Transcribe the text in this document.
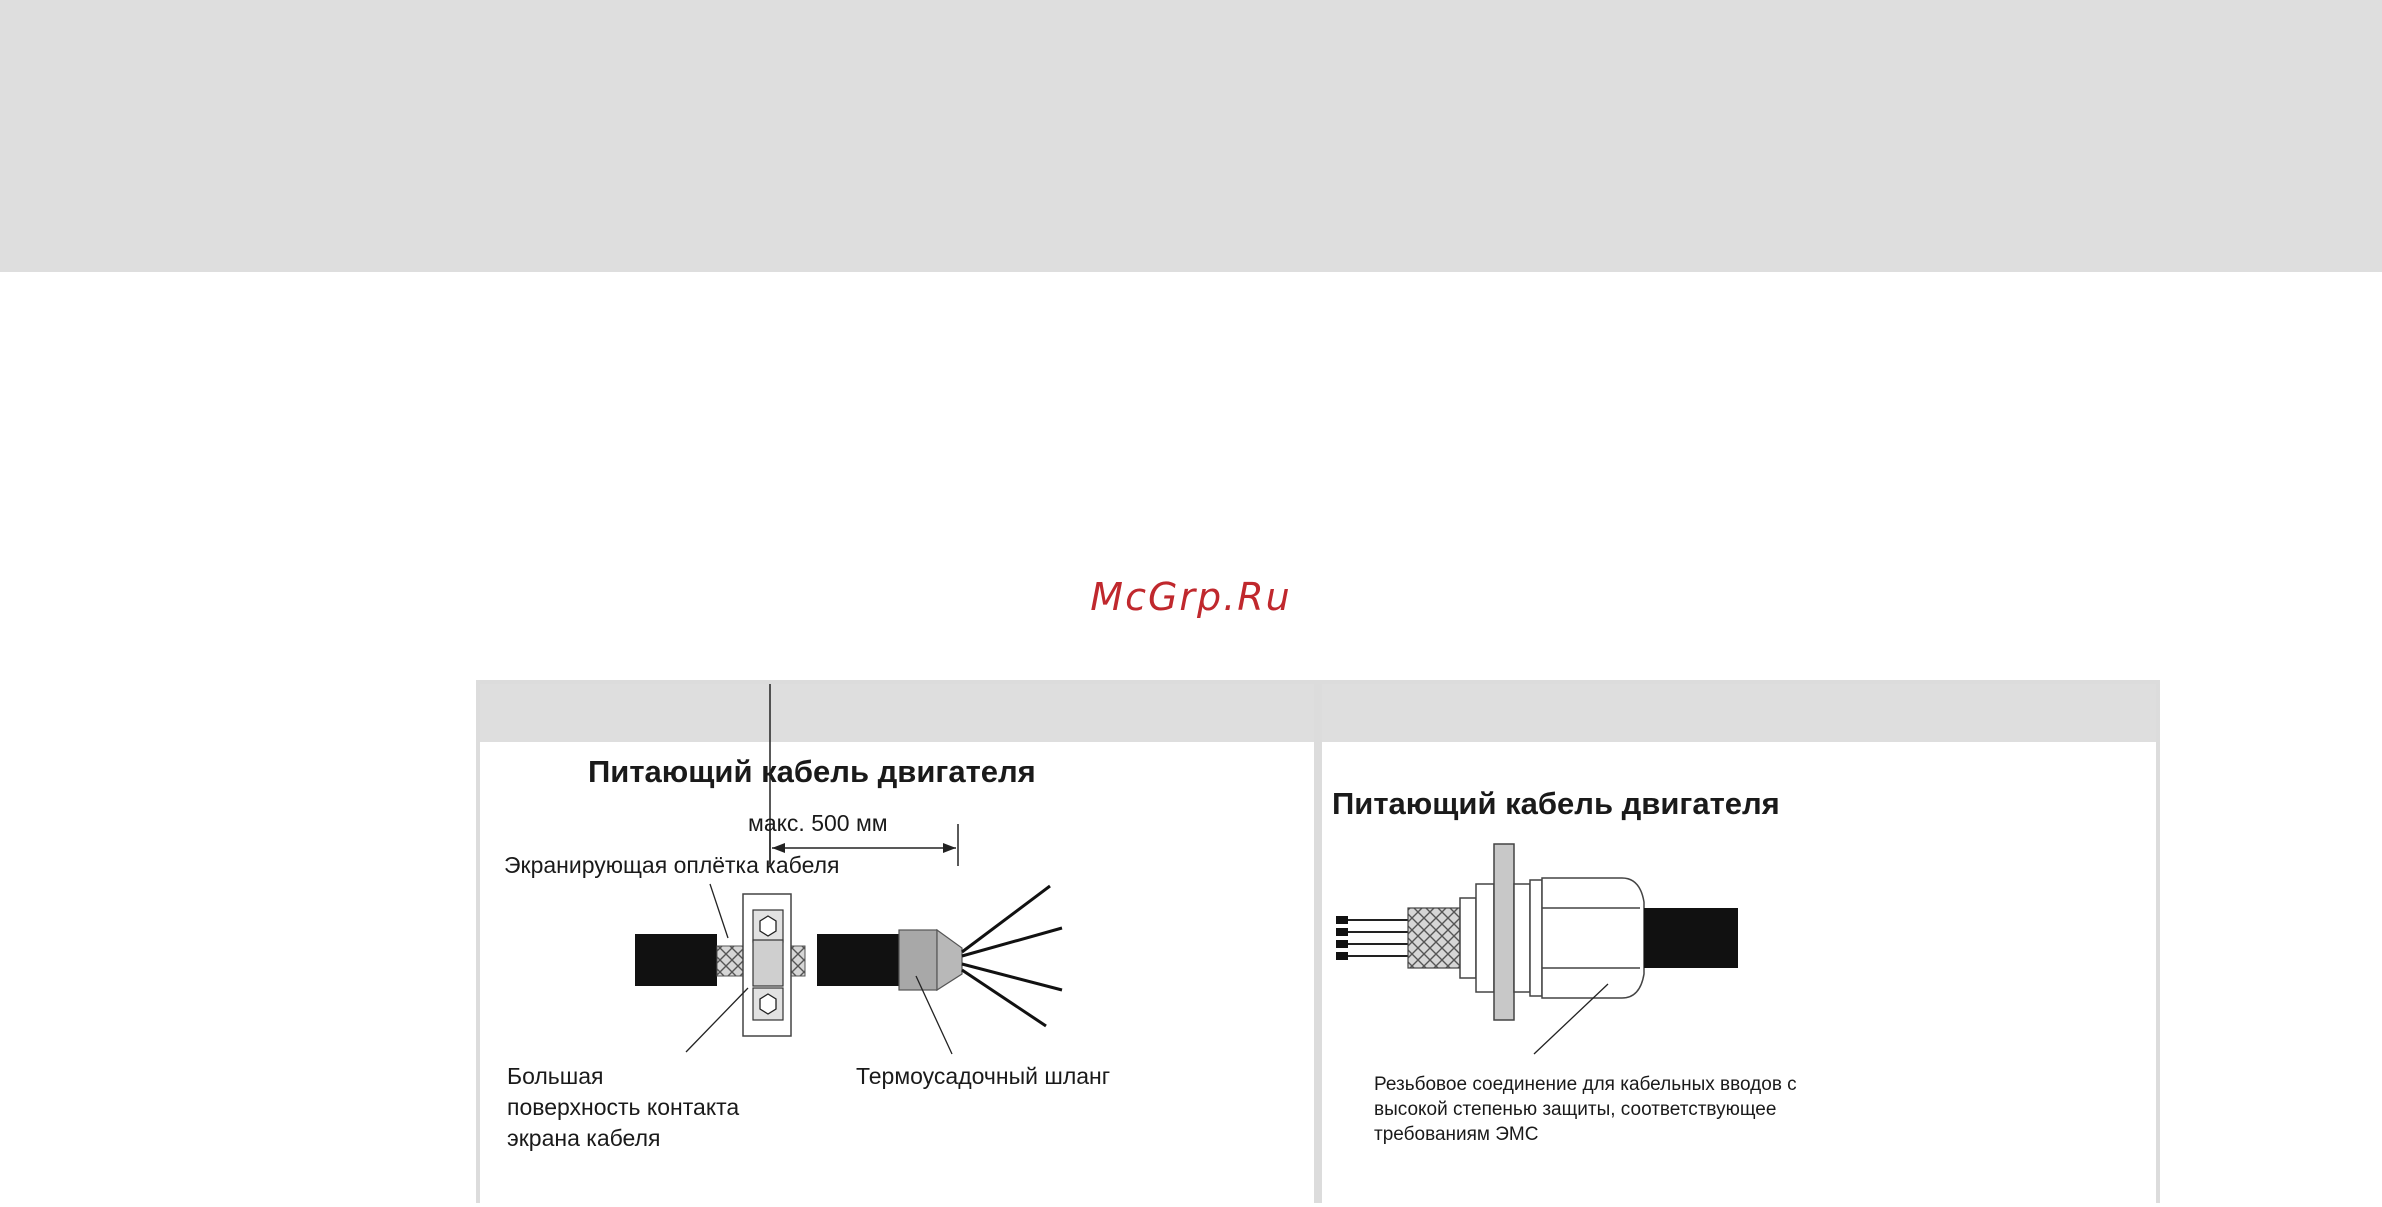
McGrp.Ru
Питающий кабель двигателя
макс. 500 мм
Экранирующая оплётка кабеля
Большая
поверхность контакта
экрана кабеля
Термоусадочный шланг
Питающий кабель двигателя
Резьбовое соединение для кабельных вводов с
высокой степенью защиты, соответствующее
требованиям ЭМС
